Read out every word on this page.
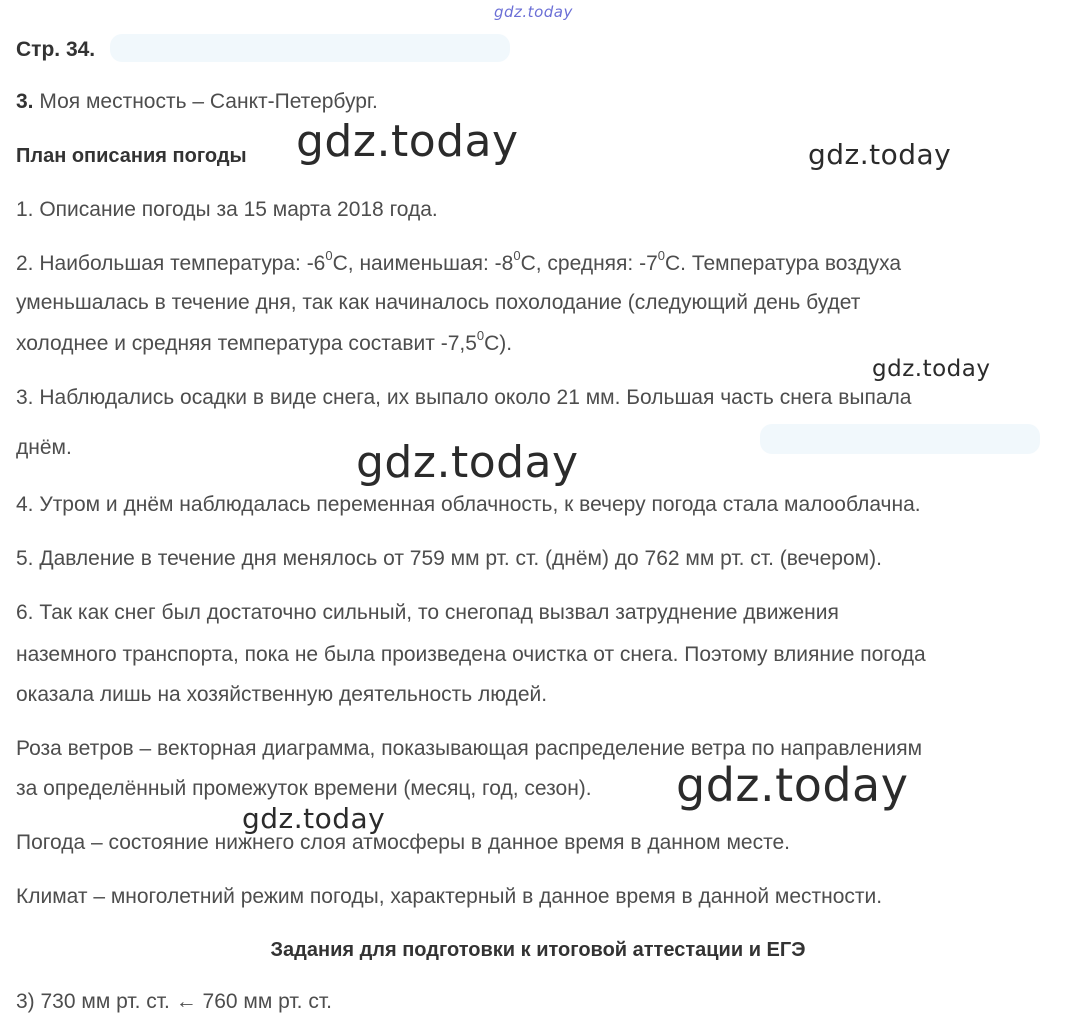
gdz.today
Стр. 34.
3. Моя местность – Санкт-Петербург.
План описания погоды
1. Описание погоды за 15 марта 2018 года.
2. Наибольшая температура: $-6^0С$, наименьшая: $-8^0С$, средняя: $-7^0С$. Температура воздуха
уменьшалась в течение дня, так как начиналось похолодание (следующий день будет
холоднее и средняя температура составит $-7,5^0С$).
3. Наблюдались осадки в виде снега, их выпало около 21 мм. Большая часть снега выпала
днём.
4. Утром и днём наблюдалась переменная облачность, к вечеру погода стала малооблачна.
5. Давление в течение дня менялось от 759 мм рт. ст. (днём) до 762 мм рт. ст. (вечером).
6. Так как снег был достаточно сильный, то снегопад вызвал затруднение движения
наземного транспорта, пока не была произведена очистка от снега. Поэтому влияние погода
оказала лишь на хозяйственную деятельность людей.
Роза ветров – векторная диаграмма, показывающая распределение ветра по направлениям
за определённый промежуток времени (месяц, год, сезон).
Погода – состояние нижнего слоя атмосферы в данное время в данном месте.
Климат – многолетний режим погоды, характерный в данное время в данной местности.
Задания для подготовки к итоговой аттестации и ЕГЭ
3) 730 мм рт. ст. ← 760 мм рт. ст.
gdz.today	gdz.today
gdz.today
gdz.today
gdz.today
gdz.today
